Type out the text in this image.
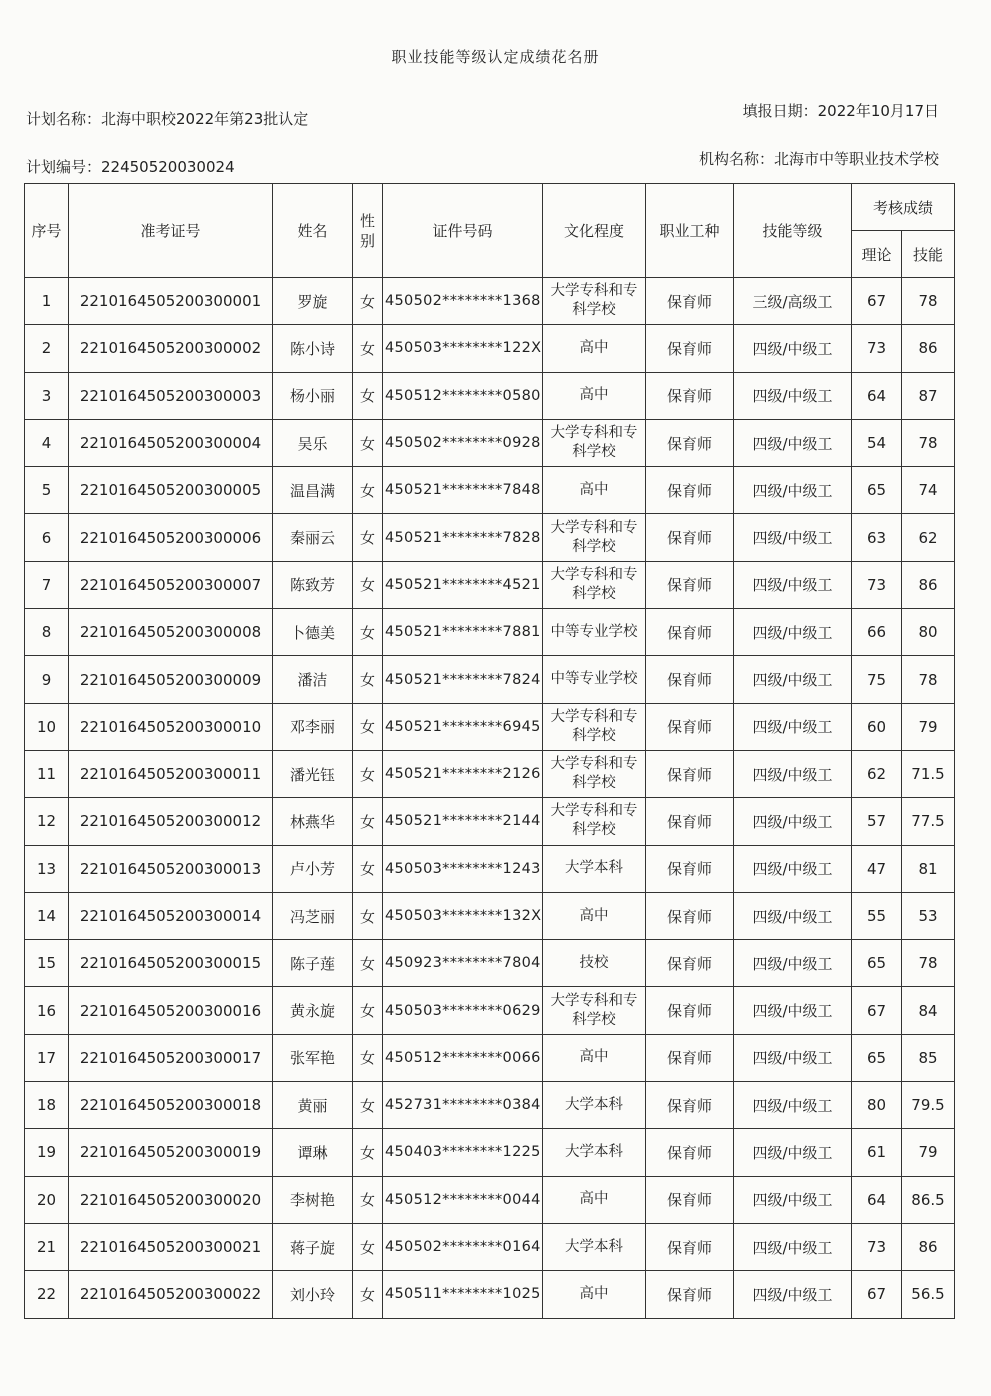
职业技能等级认定成绩花名册
计划名称：北海中职校2022年第23批认定	填报日期：2022年10月17日
计划编号：22450520030024	机构名称：北海市中等职业技术学校
序号	准考证号	姓名	性别	证件号码	文化程度	职业工种	技能等级	考核成绩	
								理论	技能
1	2210164505200300001	罗旋	女	450502********1368	大学专科和专科学校	保育师	三级/高级工	67	78
2	2210164505200300002	陈小诗	女	450503********122X	高中	保育师	四级/中级工	73	86
3	2210164505200300003	杨小丽	女	450512********0580	高中	保育师	四级/中级工	64	87
4	2210164505200300004	吴乐	女	450502********0928	大学专科和专科学校	保育师	四级/中级工	54	78
5	2210164505200300005	温昌满	女	450521********7848	高中	保育师	四级/中级工	65	74
6	2210164505200300006	秦丽云	女	450521********7828	大学专科和专科学校	保育师	四级/中级工	63	62
7	2210164505200300007	陈致芳	女	450521********4521	大学专科和专科学校	保育师	四级/中级工	73	86
8	2210164505200300008	卜德美	女	450521********7881	中等专业学校	保育师	四级/中级工	66	80
9	2210164505200300009	潘洁	女	450521********7824	中等专业学校	保育师	四级/中级工	75	78
10	2210164505200300010	邓李丽	女	450521********6945	大学专科和专科学校	保育师	四级/中级工	60	79
11	2210164505200300011	潘光钰	女	450521********2126	大学专科和专科学校	保育师	四级/中级工	62	71.5
12	2210164505200300012	林燕华	女	450521********2144	大学专科和专科学校	保育师	四级/中级工	57	77.5
13	2210164505200300013	卢小芳	女	450503********1243	大学本科	保育师	四级/中级工	47	81
14	2210164505200300014	冯芝丽	女	450503********132X	高中	保育师	四级/中级工	55	53
15	2210164505200300015	陈子莲	女	450923********7804	技校	保育师	四级/中级工	65	78
16	2210164505200300016	黄永旋	女	450503********0629	大学专科和专科学校	保育师	四级/中级工	67	84
17	2210164505200300017	张军艳	女	450512********0066	高中	保育师	四级/中级工	65	85
18	2210164505200300018	黄丽	女	452731********0384	大学本科	保育师	四级/中级工	80	79.5
19	2210164505200300019	谭琳	女	450403********1225	大学本科	保育师	四级/中级工	61	79
20	2210164505200300020	李树艳	女	450512********0044	高中	保育师	四级/中级工	64	86.5
21	2210164505200300021	蒋子旋	女	450502********0164	大学本科	保育师	四级/中级工	73	86
22	2210164505200300022	刘小玲	女	450511********1025	高中	保育师	四级/中级工	67	56.5
